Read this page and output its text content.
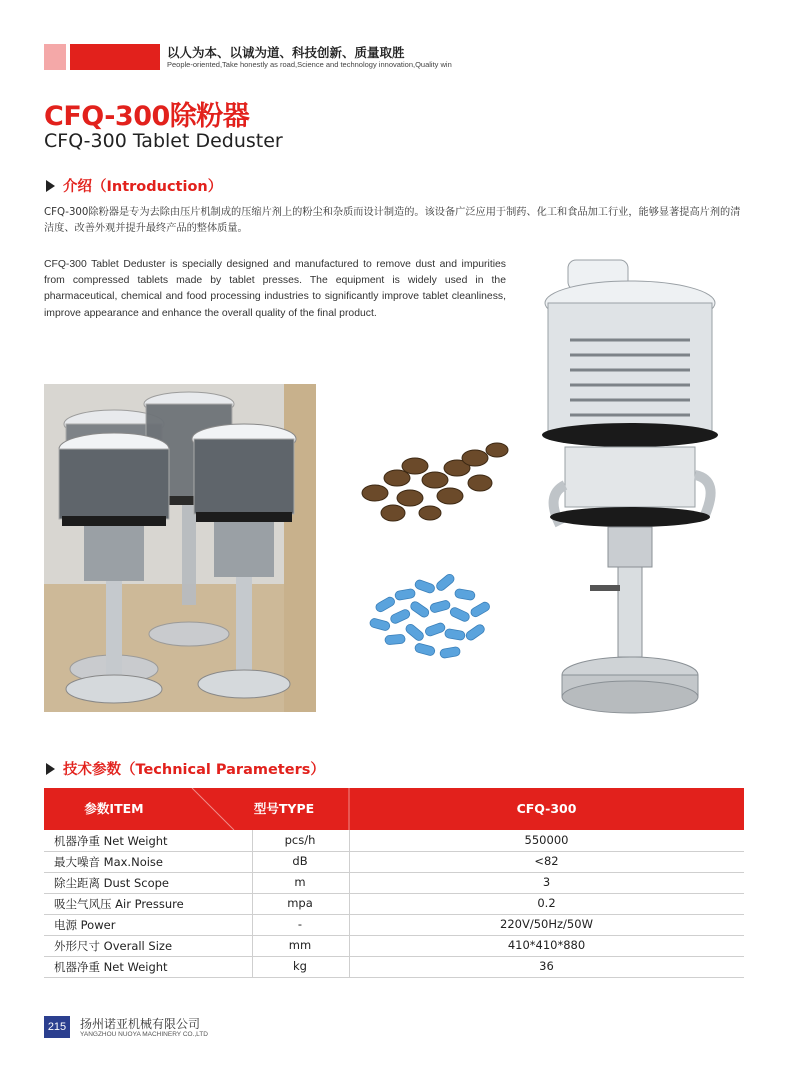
以人为本、以诚为道、科技创新、质量取胜
People-oriented,Take honestly as road,Science and technology innovation,Quality win
CFQ-300除粉器
CFQ-300 Tablet Deduster
介绍（Introduction）
CFQ-300除粉器是专为去除由压片机制成的压缩片剂上的粉尘和杂质而设计制造的。该设备广泛应用于制药、化工和食品加工行业，能够显著提高片剂的清洁度、改善外观并提升最终产品的整体质量。
CFQ-300 Tablet Deduster is specially designed and manufactured to remove dust and impurities from compressed tablets made by tablet presses. The equipment is widely used in the pharmaceutical, chemical and food processing industries to significantly improve tablet cleanliness, improve appearance and enhance the overall quality of the final product.
技术参数（Technical Parameters）
参数ITEM	型号TYPE	CFQ-300
机器净重 Net Weight	pcs/h	550000
最大噪音 Max.Noise	dB	<82
除尘距离 Dust Scope	m	3
吸尘气风压 Air Pressure	mpa	0.2
电源 Power	-	220V/50Hz/50W
外形尺寸 Overall Size	mm	410*410*880
机器净重 Net Weight	kg	36
215	扬州诺亚机械有限公司
YANGZHOU NUOYA MACHINERY CO.,LTD
